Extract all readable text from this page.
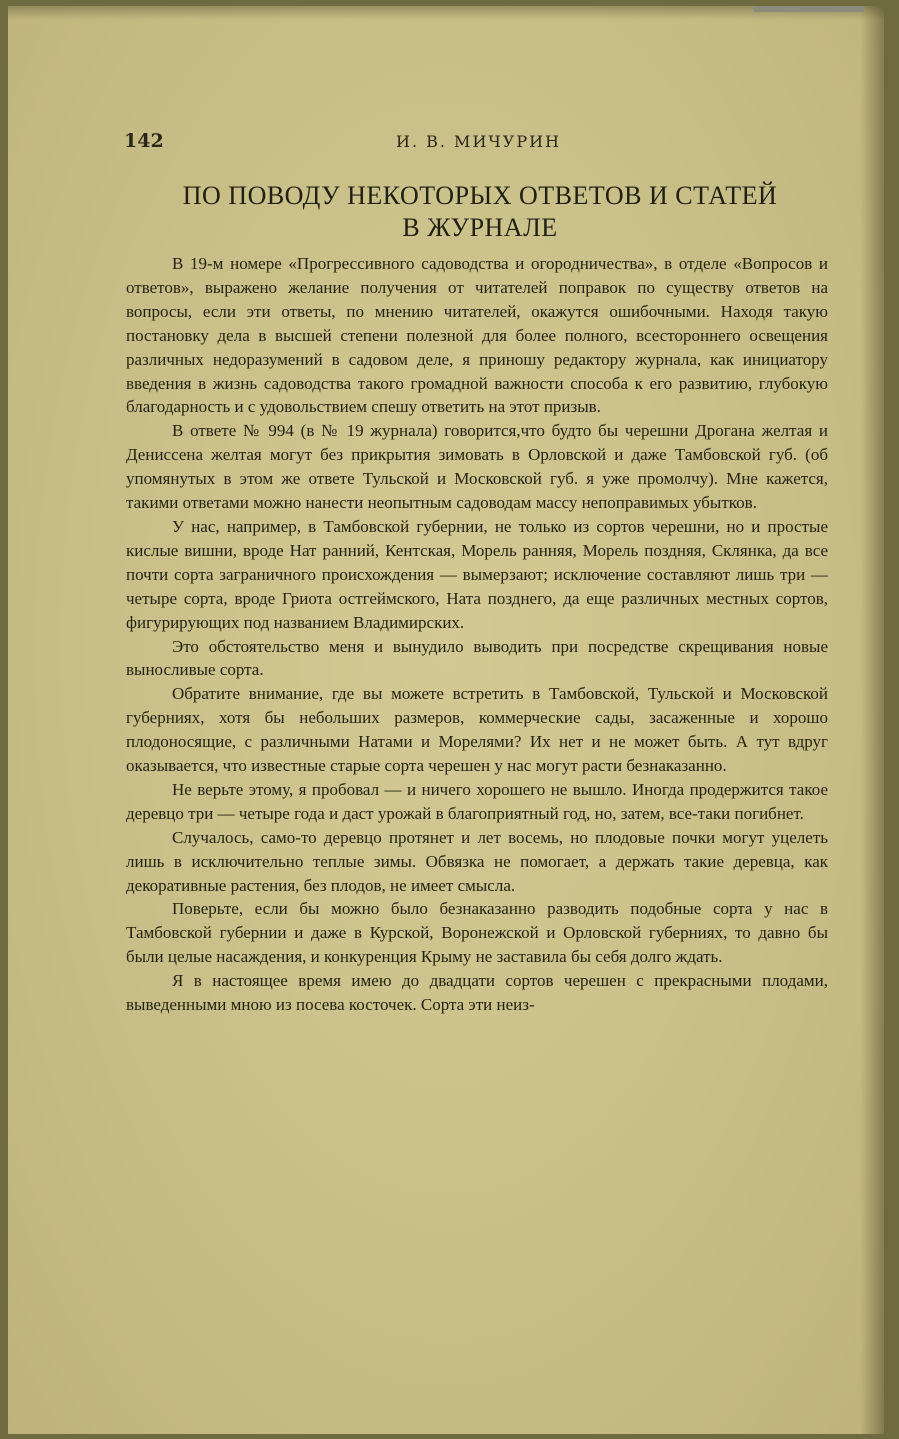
142	И. В. МИЧУРИН
ПО ПОВОДУ НЕКОТОРЫХ ОТВЕТОВ И СТАТЕЙ
В ЖУРНАЛЕ

В 19-м номере «Прогрессивного садоводства и огородничества», в отделе «Вопросов и ответов», выражено желание получения от читателей поправок по существу ответов на вопросы, если эти ответы, по мнению читателей, окажутся ошибочными. Находя такую постановку дела в высшей степени полезной для более полного, всестороннего освещения различных недоразумений в садовом деле, я приношу редактору журнала, как инициатору введения в жизнь садоводства такого громадной важности способа к его развитию, глубокую благодарность и с удовольствием спешу ответить на этот призыв.

В ответе № 994 (в № 19 журнала) говорится,что будто бы черешни Дрогана желтая и Дениссена желтая могут без прикрытия зимовать в Орловской и даже Тамбовской губ. (об упомянутых в этом же ответе Тульской и Московской губ. я уже промолчу). Мне кажется, такими ответами можно нанести неопытным садоводам массу непоправимых убытков.

У нас, например, в Тамбовской губернии, не только из сортов черешни, но и простые кислые вишни, вроде Нат ранний, Кентская, Морель ранняя, Морель поздняя, Склянка, да все почти сорта заграничного происхождения — вымерзают; исключение составляют лишь три — четыре сорта, вроде Гриота остгеймского, Ната позднего, да еще различных местных сортов, фигурирующих под названием Владимирских.

Это обстоятельство меня и вынудило выводить при посредстве скрещивания новые выносливые сорта.

Обратите внимание, где вы можете встретить в Тамбовской, Тульской и Московской губерниях, хотя бы небольших размеров, коммерческие сады, засаженные и хорошо плодоносящие, с различными Натами и Морелями? Их нет и не может быть. А тут вдруг оказывается, что известные старые сорта черешен у нас могут расти безнаказанно.

Не верьте этому, я пробовал — и ничего хорошего не вышло. Иногда продержится такое деревцо три — четыре года и даст урожай в благоприятный год, но, затем, все-таки погибнет.

Случалось, само-то деревцо протянет и лет восемь, но плодовые почки могут уцелеть лишь в исключительно теплые зимы. Обвязка не помогает, а держать такие деревца, как декоративные растения, без плодов, не имеет смысла.

Поверьте, если бы можно было безнаказанно разводить подобные сорта у нас в Тамбовской губернии и даже в Курской, Воронежской и Орловской губерниях, то давно бы были целые насаждения, и конкуренция Крыму не заставила бы себя долго ждать.

Я в настоящее время имею до двадцати сортов черешен с прекрасными плодами, выведенными мною из посева косточек. Сорта эти неиз-
